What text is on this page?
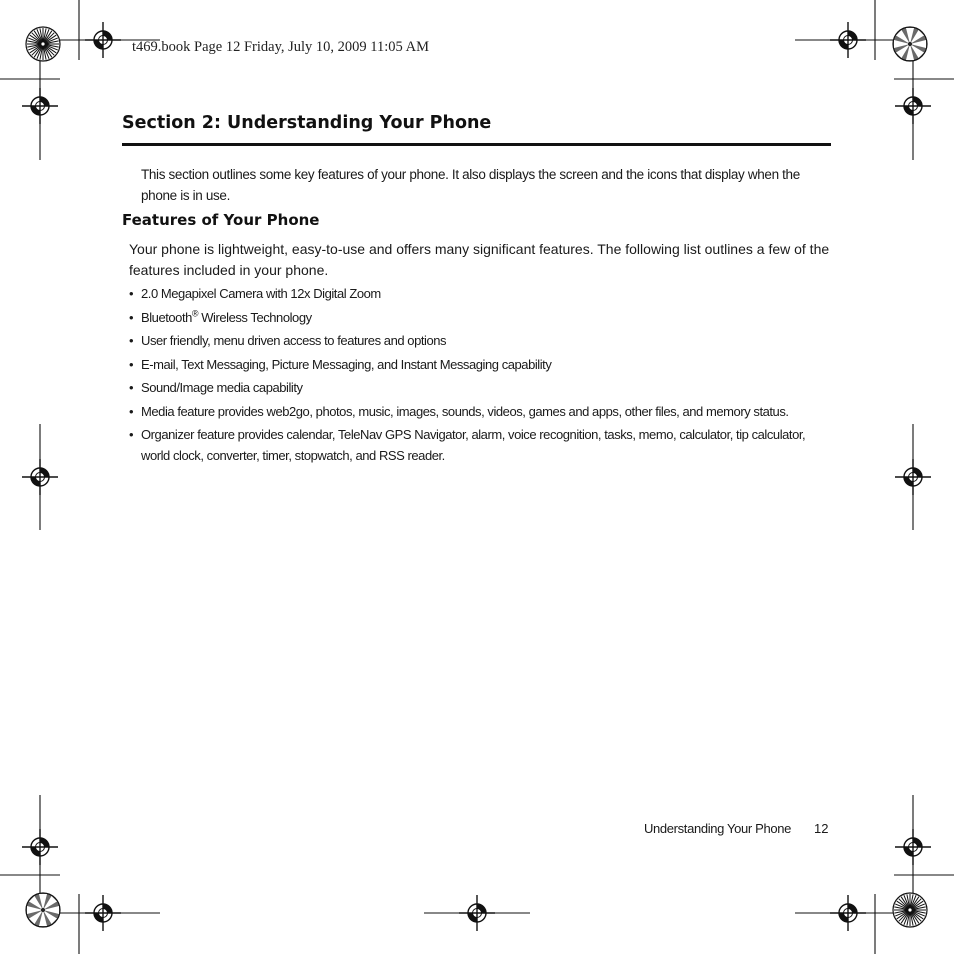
t469.book Page 12 Friday, July 10, 2009 11:05 AM
Section 2: Understanding Your Phone

This section outlines some key features of your phone. It also displays the screen and the icons that display when the phone is in use.

Features of Your Phone

Your phone is lightweight, easy-to-use and offers many significant features. The following list outlines a few of the features included in your phone.

• 2.0 Megapixel Camera with 12x Digital Zoom
• Bluetooth® Wireless Technology
• User friendly, menu driven access to features and options
• E-mail, Text Messaging, Picture Messaging, and Instant Messaging capability
• Sound/Image media capability
• Media feature provides web2go, photos, music, images, sounds, videos, games and apps, other files, and memory status.
• Organizer feature provides calendar, TeleNav GPS Navigator, alarm, voice recognition, tasks, memo, calculator, tip calculator, world clock, converter, timer, stopwatch, and RSS reader.
Understanding Your Phone 12
